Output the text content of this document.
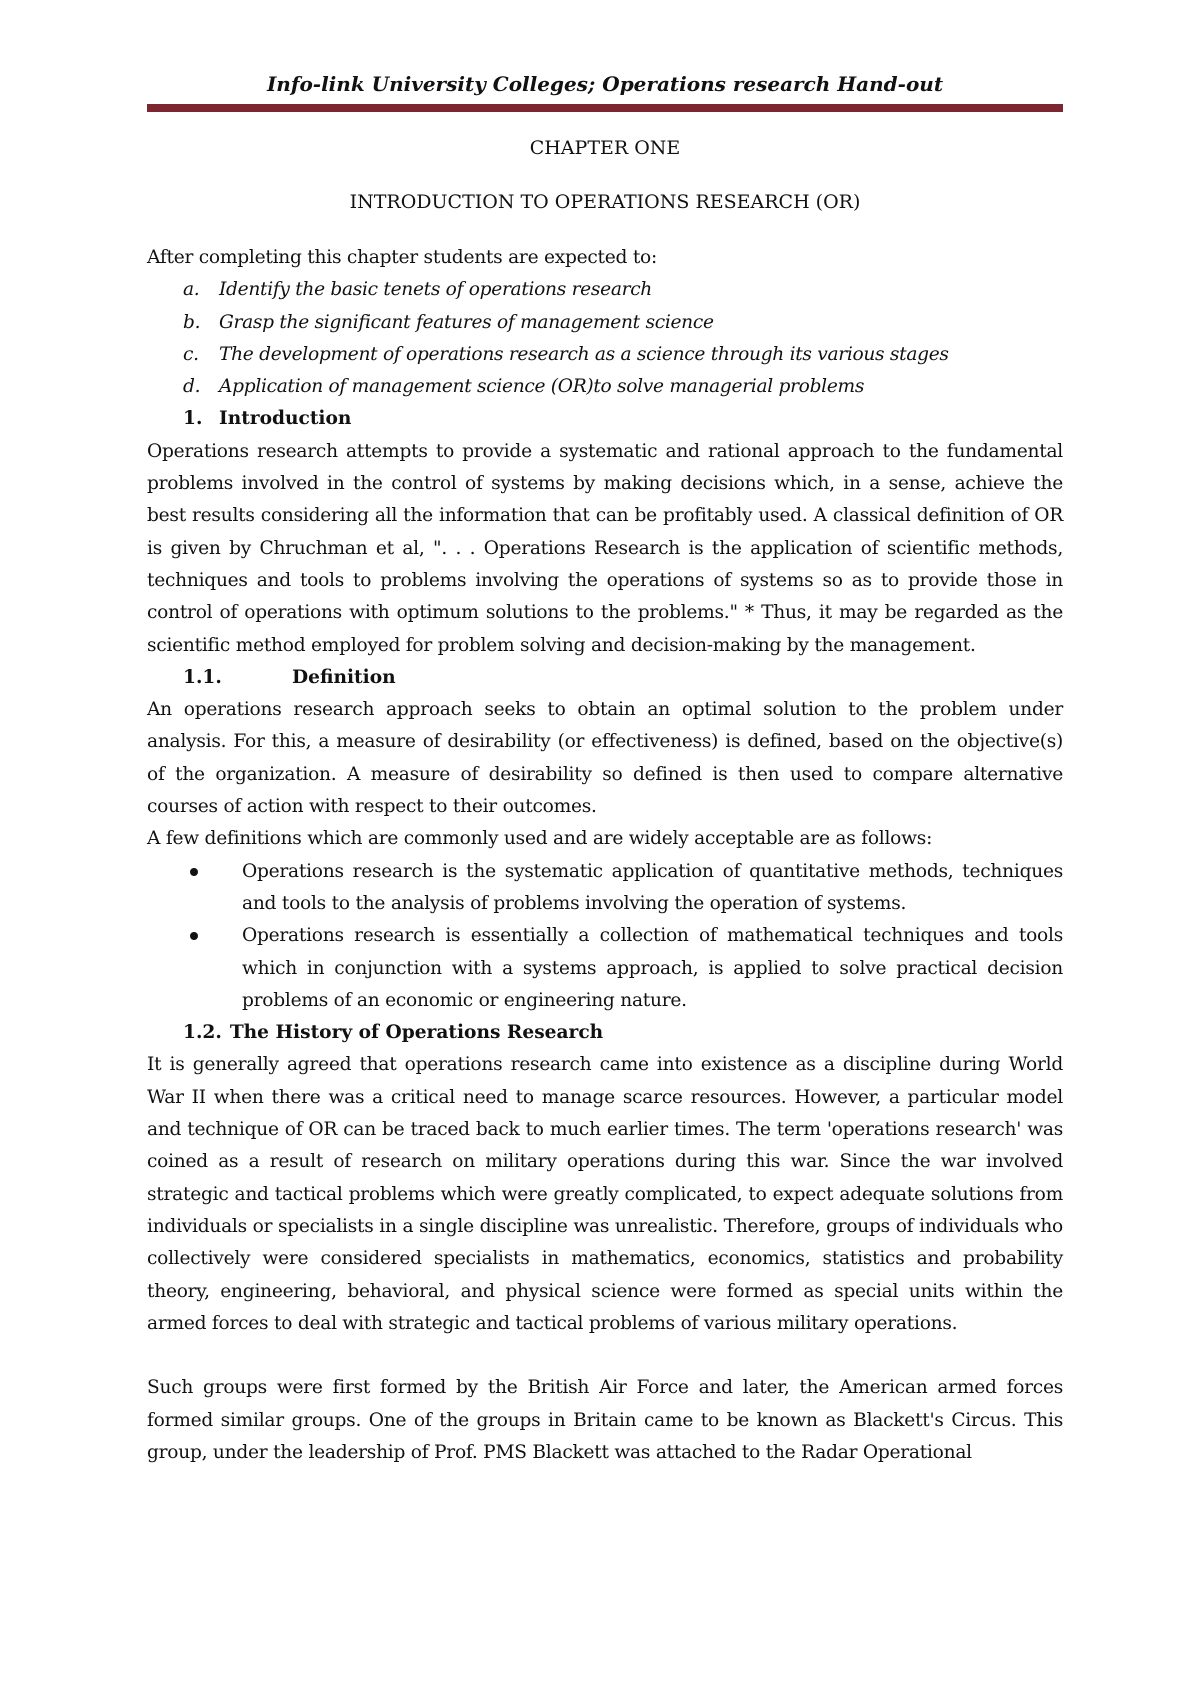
Info-link University Colleges; Operations research Hand-out

CHAPTER ONE

INTRODUCTION TO OPERATIONS RESEARCH (OR)

After completing this chapter students are expected to:

a.	Identify the basic tenets of operations research
b.	Grasp the significant features of management science
c.	The development of operations research as a science through its various stages
d.	Application of management science (OR)to solve managerial problems
1. Introduction

Operations research attempts to provide a systematic and rational approach to the fundamental problems involved in the control of systems by making decisions which, in a sense, achieve the best results considering all the information that can be profitably used. A classical definition of OR is given by Chruchman et al, ". . . Operations Research is the application of scientific methods, techniques and tools to problems involving the operations of systems so as to provide those in control of operations with optimum solutions to the problems." * Thus, it may be regarded as the scientific method employed for problem solving and decision-making by the management.

1.1.	Definition

An operations research approach seeks to obtain an optimal solution to the problem under analysis. For this, a measure of desirability (or effectiveness) is defined, based on the objective(s) of the organization. A measure of desirability so defined is then used to compare alternative courses of action with respect to their outcomes.

A few definitions which are commonly used and are widely acceptable are as follows:

Operations research is the systematic application of quantitative methods, techniques and tools to the analysis of problems involving the operation of systems.
Operations research is essentially a collection of mathematical techniques and tools which in conjunction with a systems approach, is applied to solve practical decision problems of an economic or engineering nature.
1.2. The History of Operations Research

It is generally agreed that operations research came into existence as a discipline during World War II when there was a critical need to manage scarce resources. However, a particular model and technique of OR can be traced back to much earlier times. The term 'operations research' was coined as a result of research on military operations during this war. Since the war involved strategic and tactical problems which were greatly complicated, to expect adequate solutions from individuals or specialists in a single discipline was unrealistic. Therefore, groups of individuals who collectively were considered specialists in mathematics, economics, statistics and probability theory, engineering, behavioral, and physical science were formed as special units within the armed forces to deal with strategic and tactical problems of various military operations.

Such groups were first formed by the British Air Force and later, the American armed forces formed similar groups. One of the groups in Britain came to be known as Blackett's Circus. This group, under the leadership of Prof. PMS Blackett was attached to the Radar Operational
